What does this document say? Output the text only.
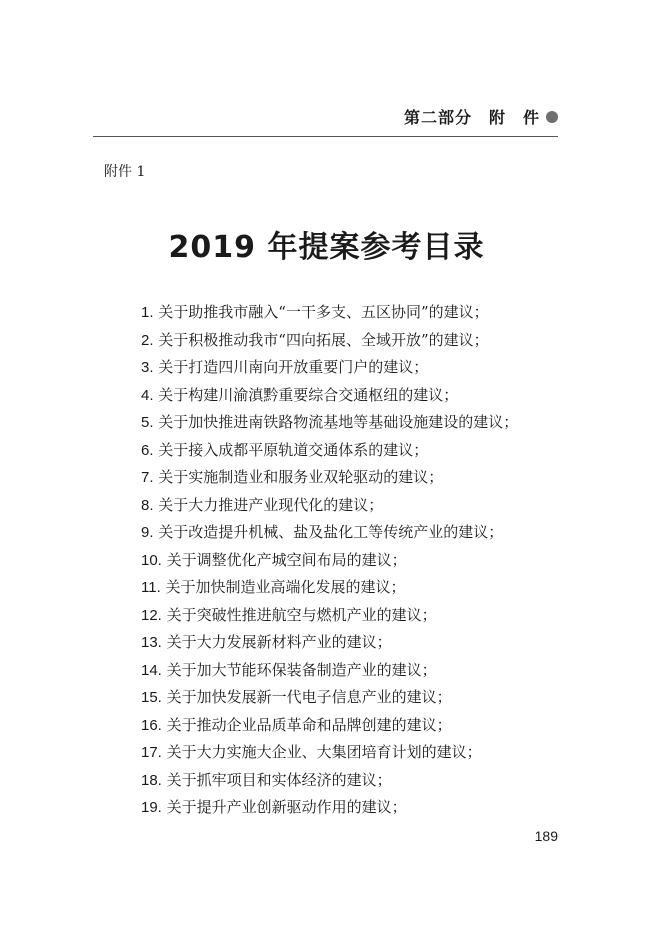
第二部分　附　件
附件 1
2019 年提案参考目录
1. 关于助推我市融入“一干多支、五区协同”的建议；
2. 关于积极推动我市“四向拓展、全域开放”的建议；
3. 关于打造四川南向开放重要门户的建议；
4. 关于构建川渝滇黔重要综合交通枢纽的建议；
5. 关于加快推进南铁路物流基地等基础设施建设的建议；
6. 关于接入成都平原轨道交通体系的建议；
7. 关于实施制造业和服务业双轮驱动的建议；
8. 关于大力推进产业现代化的建议；
9. 关于改造提升机械、盐及盐化工等传统产业的建议；
10. 关于调整优化产城空间布局的建议；
11. 关于加快制造业高端化发展的建议；
12. 关于突破性推进航空与燃机产业的建议；
13. 关于大力发展新材料产业的建议；
14. 关于加大节能环保装备制造产业的建议；
15. 关于加快发展新一代电子信息产业的建议；
16. 关于推动企业品质革命和品牌创建的建议；
17. 关于大力实施大企业、大集团培育计划的建议；
18. 关于抓牢项目和实体经济的建议；
19. 关于提升产业创新驱动作用的建议；
189
